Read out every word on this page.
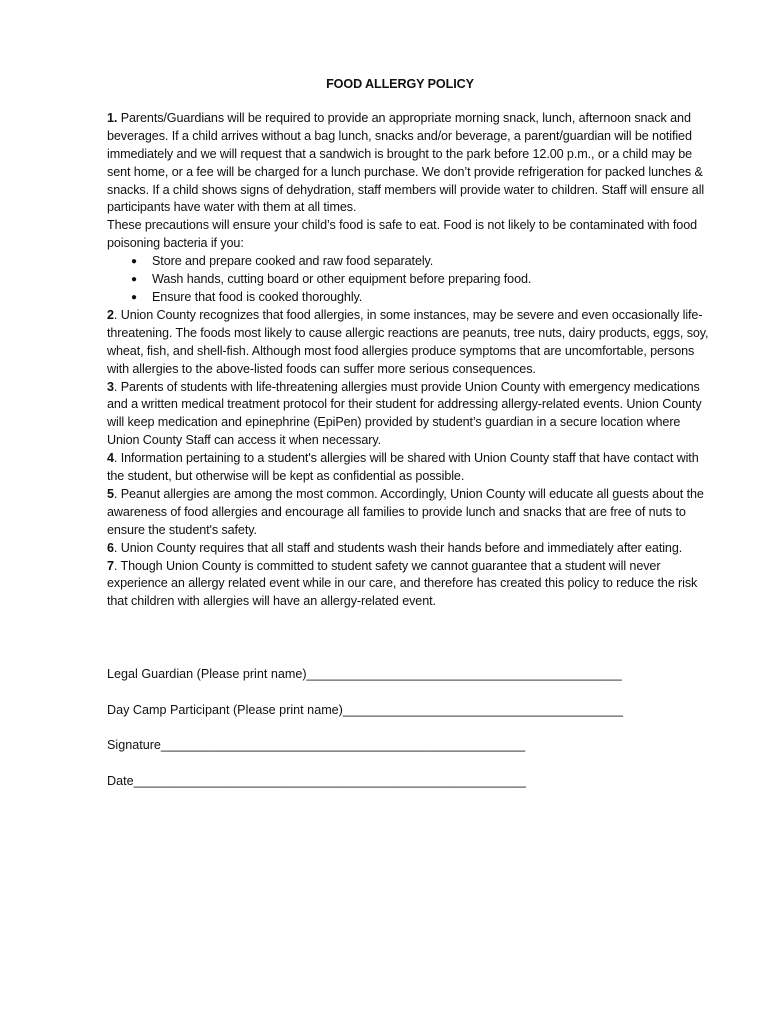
FOOD ALLERGY POLICY

1. Parents/Guardians will be required to provide an appropriate morning snack, lunch, afternoon snack and beverages. If a child arrives without a bag lunch, snacks and/or beverage, a parent/guardian will be notified immediately and we will request that a sandwich is brought to the park before 12.00 p.m., or a child may be sent home, or a fee will be charged for a lunch purchase. We don’t provide refrigeration for packed lunches & snacks. If a child shows signs of dehydration, staff members will provide water to children. Staff will ensure all participants have water with them at all times.

These precautions will ensure your child’s food is safe to eat. Food is not likely to be contaminated with food poisoning bacteria if you:

● Store and prepare cooked and raw food separately.
● Wash hands, cutting board or other equipment before preparing food.
● Ensure that food is cooked thoroughly.

2. Union County recognizes that food allergies, in some instances, may be severe and even occasionally life-threatening. The foods most likely to cause allergic reactions are peanuts, tree nuts, dairy products, eggs, soy, wheat, fish, and shell-fish. Although most food allergies produce symptoms that are uncomfortable, persons with allergies to the above-listed foods can suffer more serious consequences.

3. Parents of students with life-threatening allergies must provide Union County with emergency medications and a written medical treatment protocol for their student for addressing allergy-related events. Union County will keep medication and epinephrine (EpiPen) provided by student’s guardian in a secure location where Union County Staff can access it when necessary.

4. Information pertaining to a student's allergies will be shared with Union County staff that have contact with the student, but otherwise will be kept as confidential as possible.

5. Peanut allergies are among the most common. Accordingly, Union County will educate all guests about the awareness of food allergies and encourage all families to provide lunch and snacks that are free of nuts to ensure the student's safety.

6. Union County requires that all staff and students wash their hands before and immediately after eating.

7. Though Union County is committed to student safety we cannot guarantee that a student will never experience an allergy related event while in our care, and therefore has created this policy to reduce the risk that children with allergies will have an allergy-related event.

Legal Guardian (Please print name)_____________________________________________
Day Camp Participant (Please print name)________________________________________
Signature____________________________________________________
Date________________________________________________________
